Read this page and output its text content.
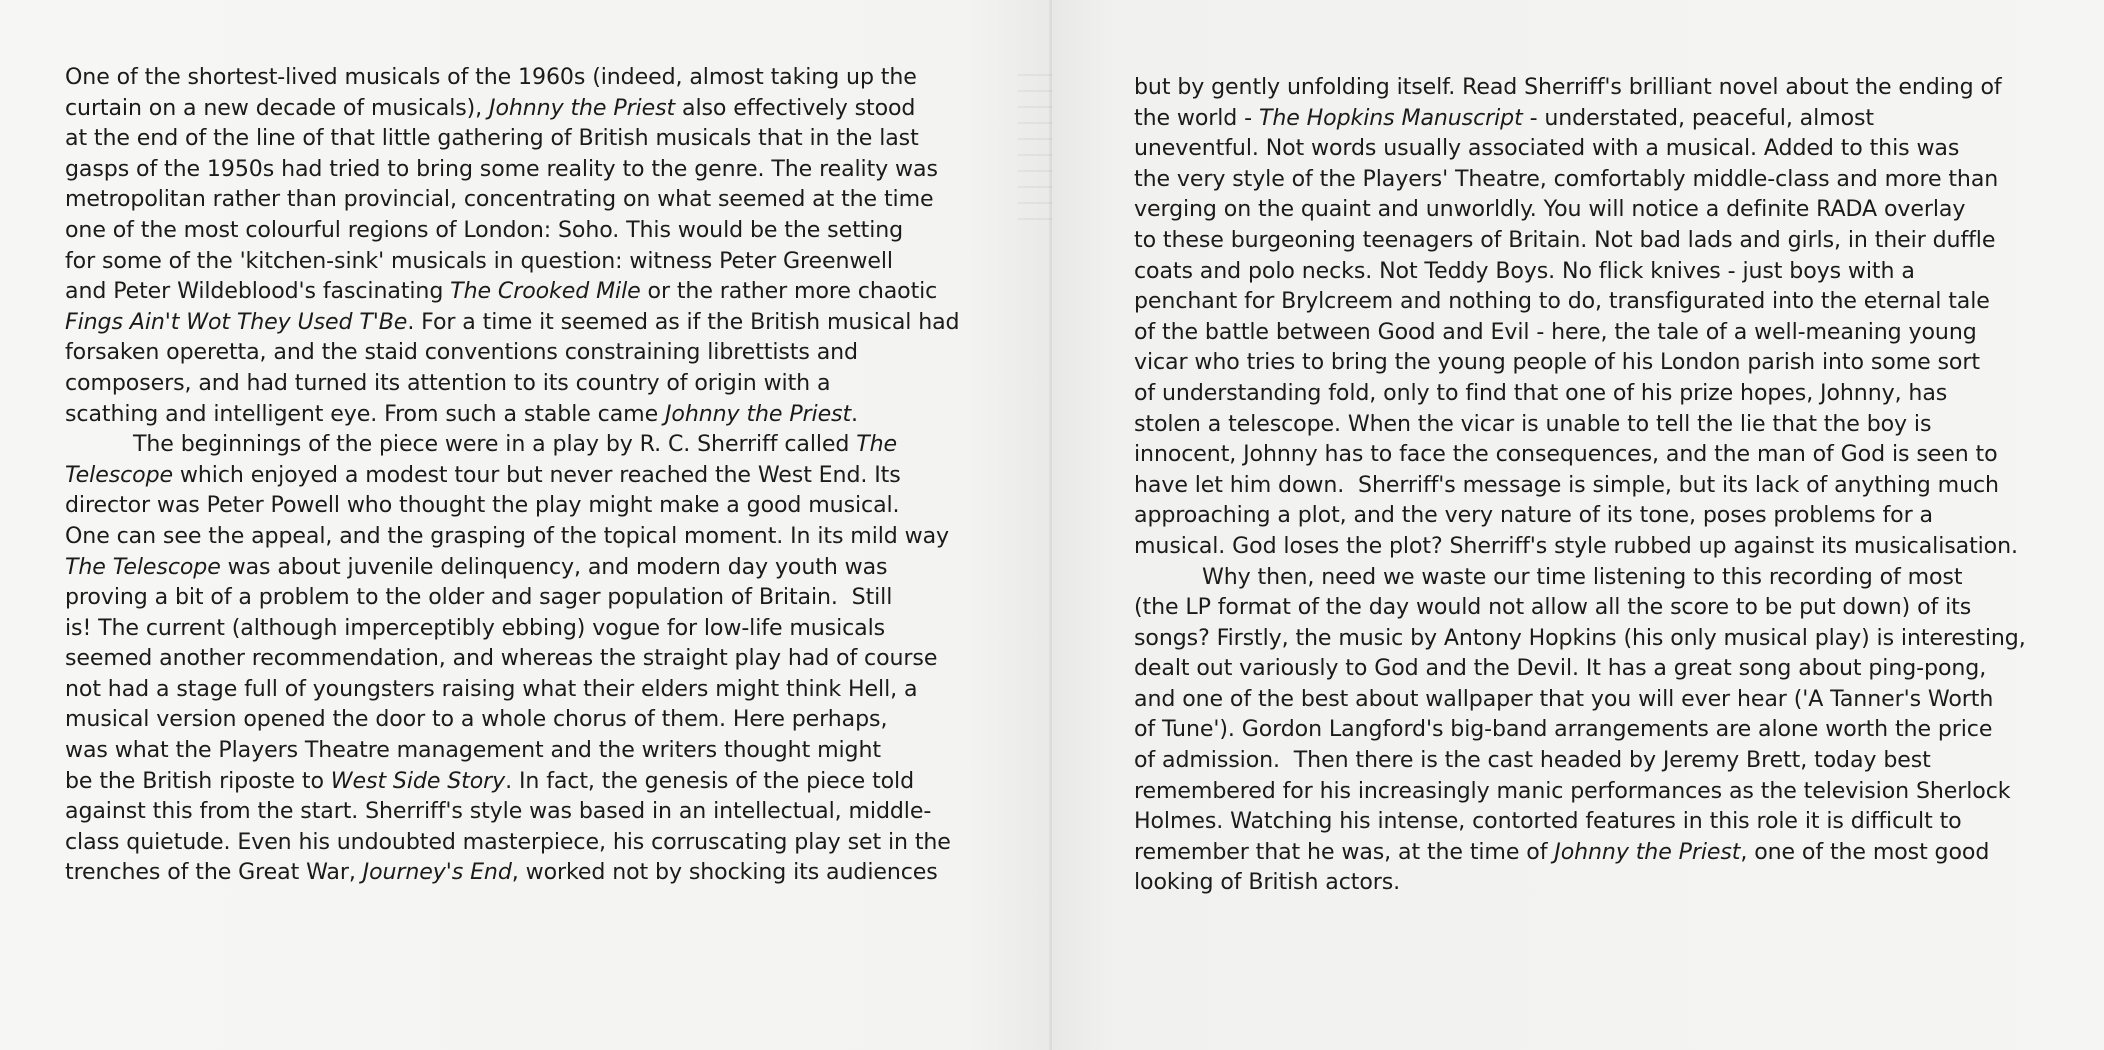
One of the shortest-lived musicals of the 1960s (indeed, almost taking up the
curtain on a new decade of musicals), Johnny the Priest also effectively stood
at the end of the line of that little gathering of British musicals that in the last
gasps of the 1950s had tried to bring some reality to the genre. The reality was
metropolitan rather than provincial, concentrating on what seemed at the time
one of the most colourful regions of London: Soho. This would be the setting
for some of the 'kitchen-sink' musicals in question: witness Peter Greenwell
and Peter Wildeblood's fascinating The Crooked Mile or the rather more chaotic
Fings Ain't Wot They Used T'Be. For a time it seemed as if the British musical had
forsaken operetta, and the staid conventions constraining librettists and
composers, and had turned its attention to its country of origin with a
scathing and intelligent eye. From such a stable came Johnny the Priest.
The beginnings of the piece were in a play by R. C. Sherriff called The
Telescope which enjoyed a modest tour but never reached the West End. Its
director was Peter Powell who thought the play might make a good musical.
One can see the appeal, and the grasping of the topical moment. In its mild way
The Telescope was about juvenile delinquency, and modern day youth was
proving a bit of a problem to the older and sager population of Britain.  Still
is! The current (although imperceptibly ebbing) vogue for low-life musicals
seemed another recommendation, and whereas the straight play had of course
not had a stage full of youngsters raising what their elders might think Hell, a
musical version opened the door to a whole chorus of them. Here perhaps,
was what the Players Theatre management and the writers thought might
be the British riposte to West Side Story. In fact, the genesis of the piece told
against this from the start. Sherriff's style was based in an intellectual, middle-
class quietude. Even his undoubted masterpiece, his corruscating play set in the
trenches of the Great War, Journey's End, worked not by shocking its audiences
but by gently unfolding itself. Read Sherriff's brilliant novel about the ending of
the world - The Hopkins Manuscript - understated, peaceful, almost
uneventful. Not words usually associated with a musical. Added to this was
the very style of the Players' Theatre, comfortably middle-class and more than
verging on the quaint and unworldly. You will notice a definite RADA overlay
to these burgeoning teenagers of Britain. Not bad lads and girls, in their duffle
coats and polo necks. Not Teddy Boys. No flick knives - just boys with a
penchant for Brylcreem and nothing to do, transfigurated into the eternal tale
of the battle between Good and Evil - here, the tale of a well-meaning young
vicar who tries to bring the young people of his London parish into some sort
of understanding fold, only to find that one of his prize hopes, Johnny, has
stolen a telescope. When the vicar is unable to tell the lie that the boy is
innocent, Johnny has to face the consequences, and the man of God is seen to
have let him down.  Sherriff's message is simple, but its lack of anything much
approaching a plot, and the very nature of its tone, poses problems for a
musical. God loses the plot? Sherriff's style rubbed up against its musicalisation.
Why then, need we waste our time listening to this recording of most
(the LP format of the day would not allow all the score to be put down) of its
songs? Firstly, the music by Antony Hopkins (his only musical play) is interesting,
dealt out variously to God and the Devil. It has a great song about ping-pong,
and one of the best about wallpaper that you will ever hear ('A Tanner's Worth
of Tune'). Gordon Langford's big-band arrangements are alone worth the price
of admission.  Then there is the cast headed by Jeremy Brett, today best
remembered for his increasingly manic performances as the television Sherlock
Holmes. Watching his intense, contorted features in this role it is difficult to
remember that he was, at the time of Johnny the Priest, one of the most good
looking of British actors.
